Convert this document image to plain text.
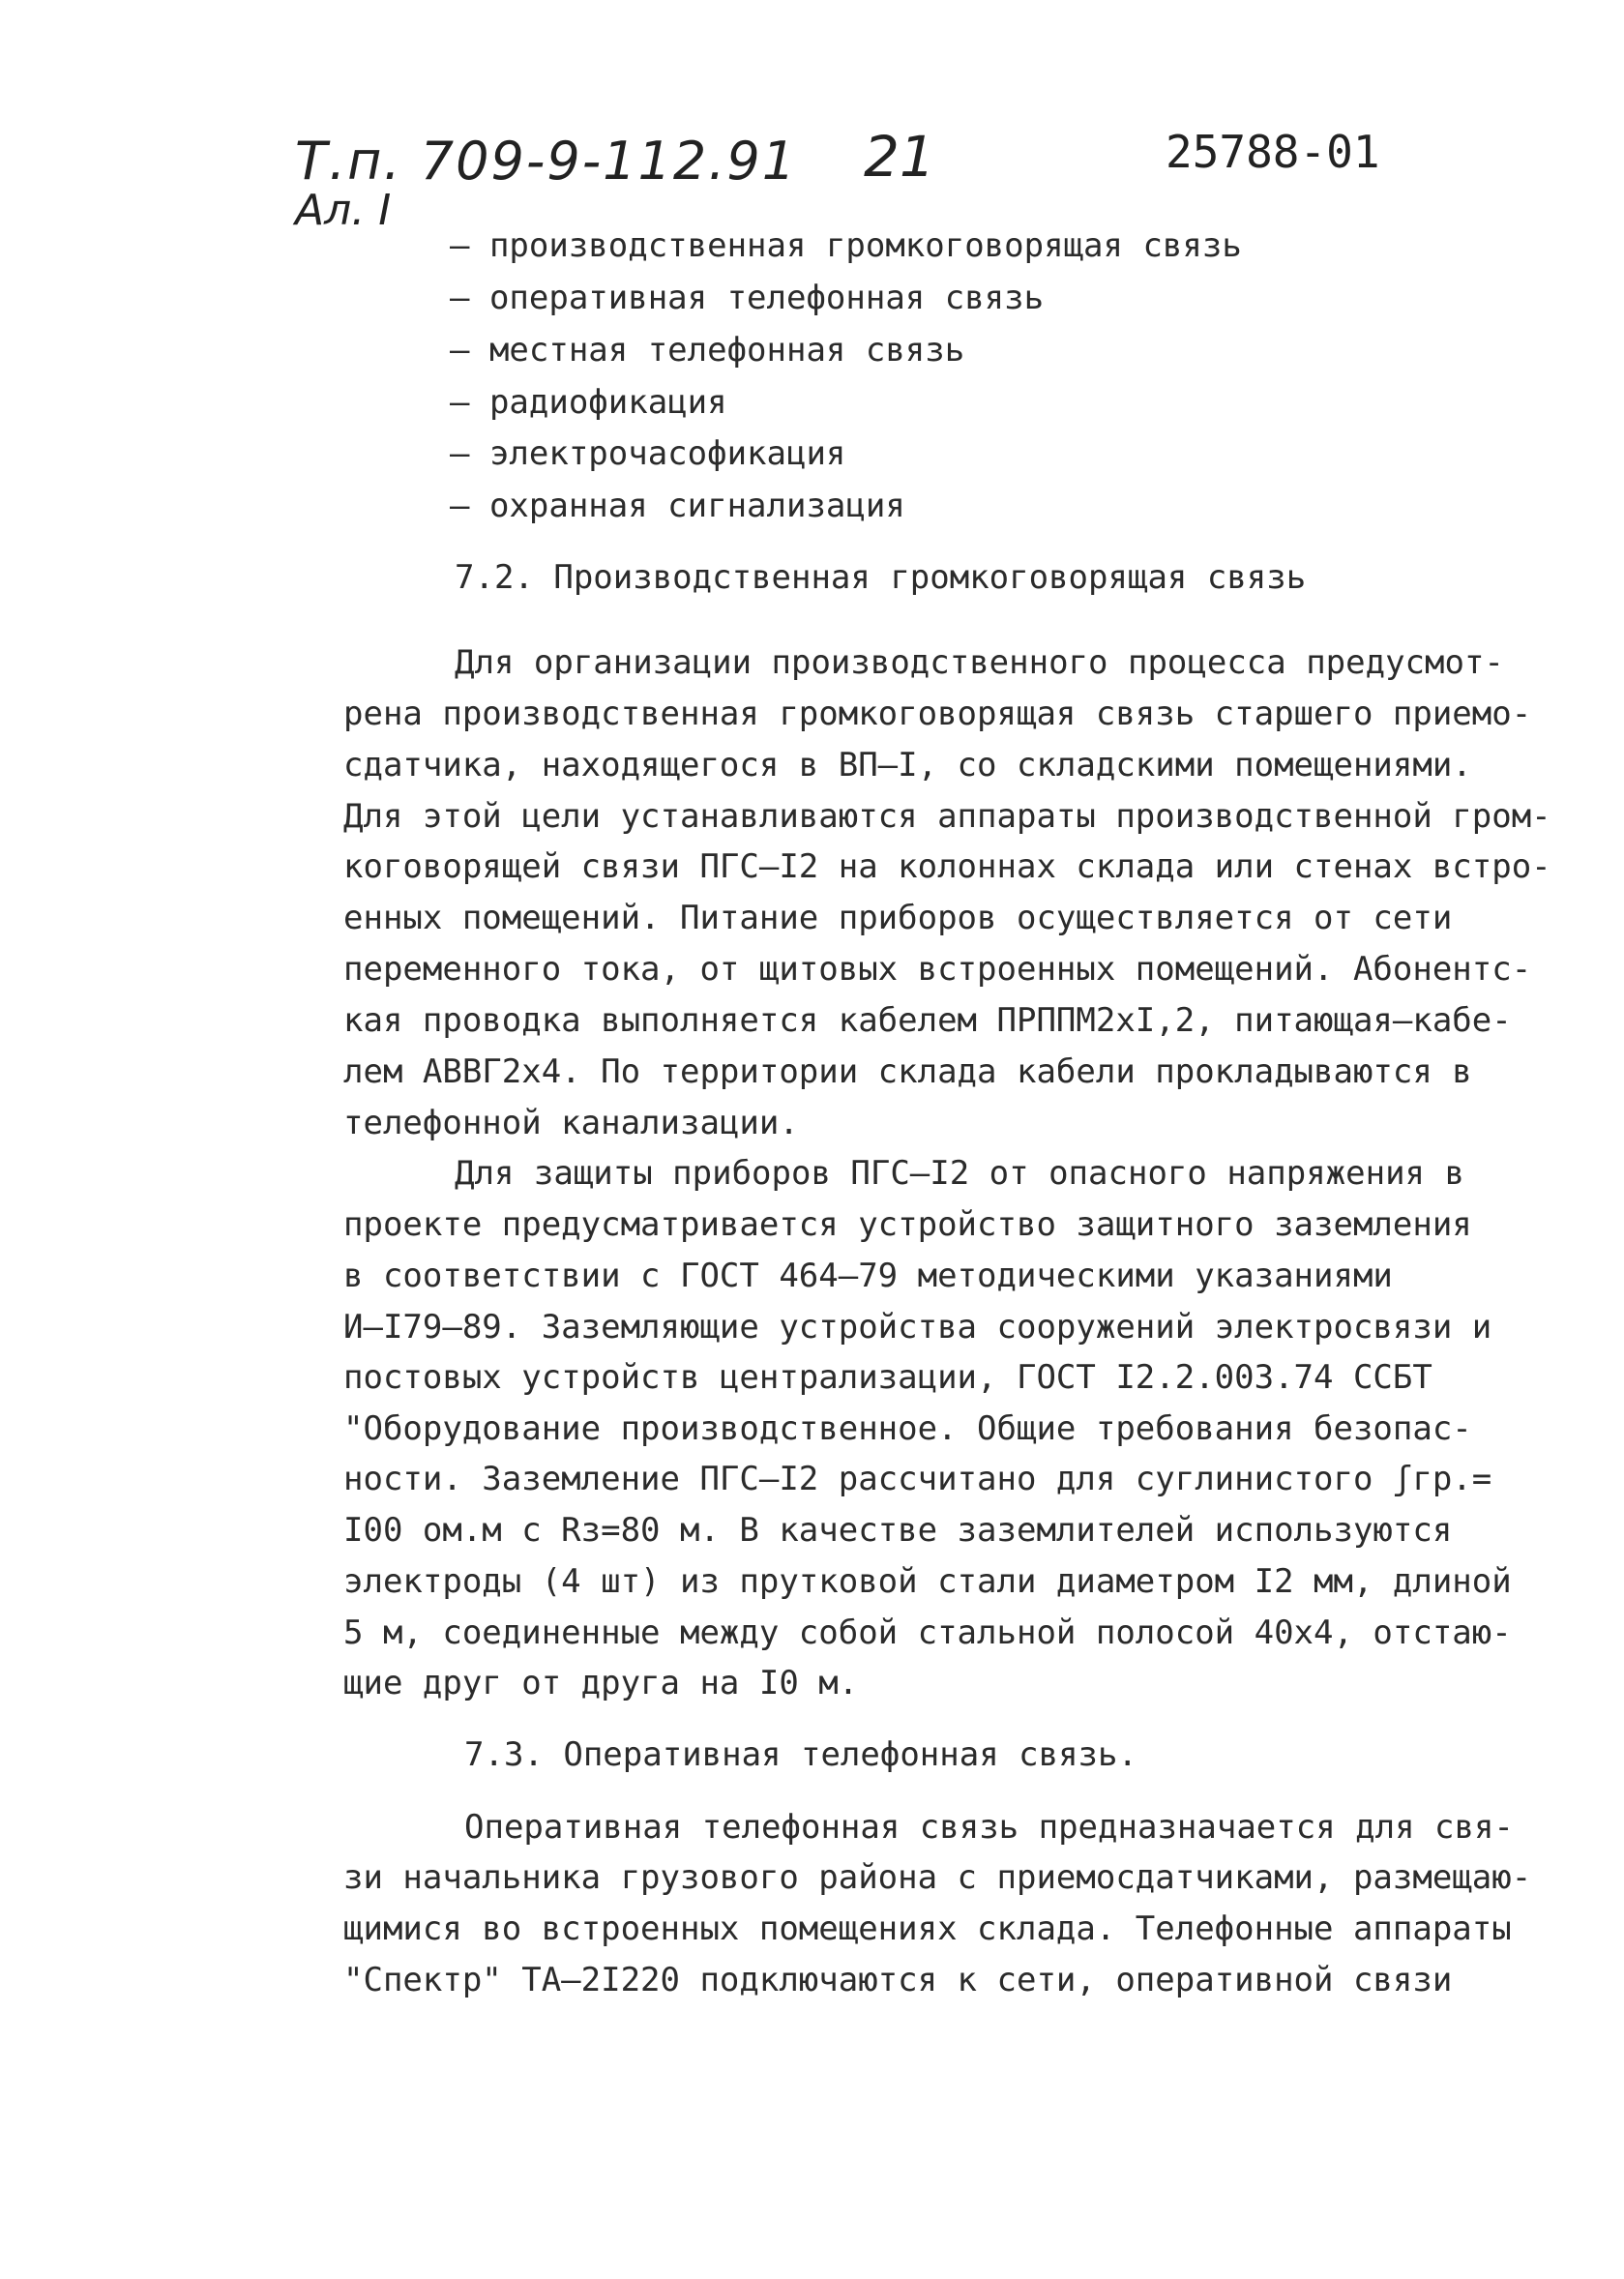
Т.п. 709-9-112.91
Ал. I
21	25788-01
– производственная громкоговорящая связь
– оперативная телефонная связь
– местная телефонная связь
– радиофикация
– электрочасофикация
– охранная сигнализация
7.2. Производственная громкоговорящая связь
Для организации производственного процесса предусмот-
рена производственная громкоговорящая связь старшего приемо-
сдатчика, находящегося в ВП–I, со складскими помещениями.
Для этой цели устанавливаются аппараты производственной гром-
коговорящей связи ПГС–I2 на колоннах склада или стенах встро-
енных помещений. Питание приборов осуществляется от сети
переменного тока, от щитовых встроенных помещений. Абонентс-
кая проводка выполняется кабелем ПРППМ2хI,2, питающая–кабе-
лем АВВГ2х4. По территории склада кабели прокладываются в
телефонной канализации.
Для защиты приборов ПГС–I2 от опасного напряжения в
проекте предусматривается устройство защитного заземления
в соответствии с ГОСТ 464–79 методическими указаниями
И–I79–89. Заземляющие устройства сооружений электросвязи и
постовых устройств централизации, ГОСТ I2.2.003.74 ССБТ
"Оборудование производственное. Общие требования безопас-
ности. Заземление ПГС–I2 рассчитано для суглинистого ʃгр.=
I00 ом.м с Rз=80 м. В качестве заземлителей используются
электроды (4 шт) из прутковой стали диаметром I2 мм, длиной
5 м, соединенные между собой стальной полосой 40х4, отстаю-
щие друг от друга на I0 м.
7.3. Оперативная телефонная связь.
Оперативная телефонная связь предназначается для свя-
зи начальника грузового района с приемосдатчиками, размещаю-
щимися во встроенных помещениях склада. Телефонные аппараты
"Спектр" ТА–2I220 подключаются к сети, оперативной связи
